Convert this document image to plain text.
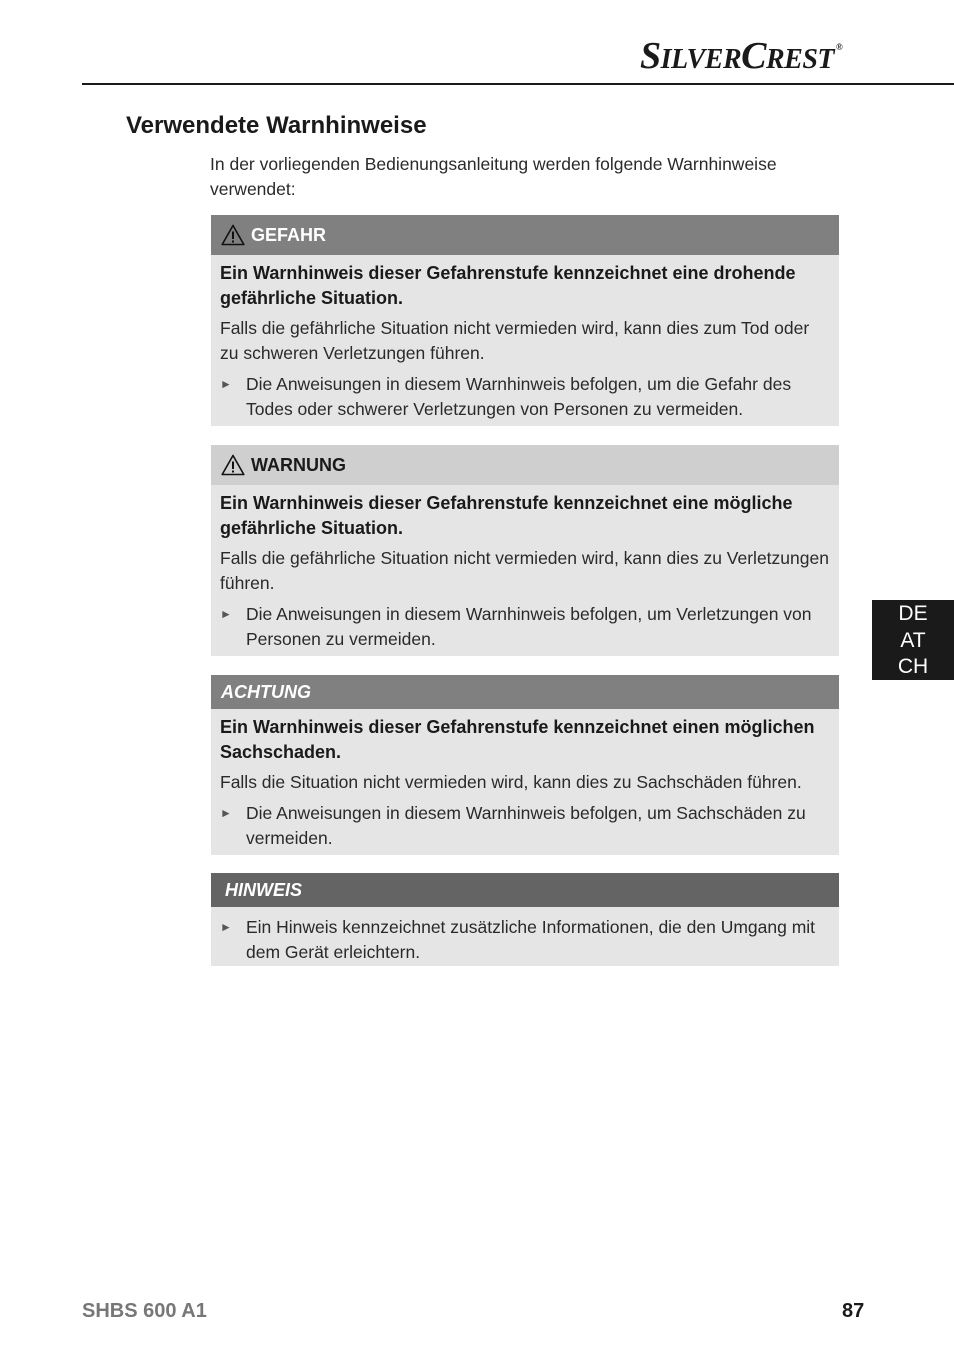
SILVERCREST ®
Verwendete Warnhinweise

In der vorliegenden Bedienungsanleitung werden folgende Warnhinweise verwendet:

GEFAHR

Ein Warnhinweis dieser Gefahrenstufe kennzeichnet eine drohende gefährliche Situation.

Falls die gefährliche Situation nicht vermieden wird, kann dies zum Tod oder zu schweren Verletzungen führen.

► Die Anweisungen in diesem Warnhinweis befolgen, um die Gefahr des Todes oder schwerer Verletzungen von Personen zu vermeiden.
WARNUNG

Ein Warnhinweis dieser Gefahrenstufe kennzeichnet eine mögliche gefährliche Situation.

Falls die gefährliche Situation nicht vermieden wird, kann dies zu Verletzungen führen.

► Die Anweisungen in diesem Warnhinweis befolgen, um Verletzungen von Personen zu vermeiden.
ACHTUNG

Ein Warnhinweis dieser Gefahrenstufe kennzeichnet einen möglichen Sachschaden.

Falls die Situation nicht vermieden wird, kann dies zu Sachschäden führen.

► Die Anweisungen in diesem Warnhinweis befolgen, um Sachschäden zu vermeiden.
HINWEIS
► Ein Hinweis kennzeichnet zusätzliche Informationen, die den Umgang mit dem Gerät erleichtern.
DE
AT
CH
SHBS 600 A1	87
